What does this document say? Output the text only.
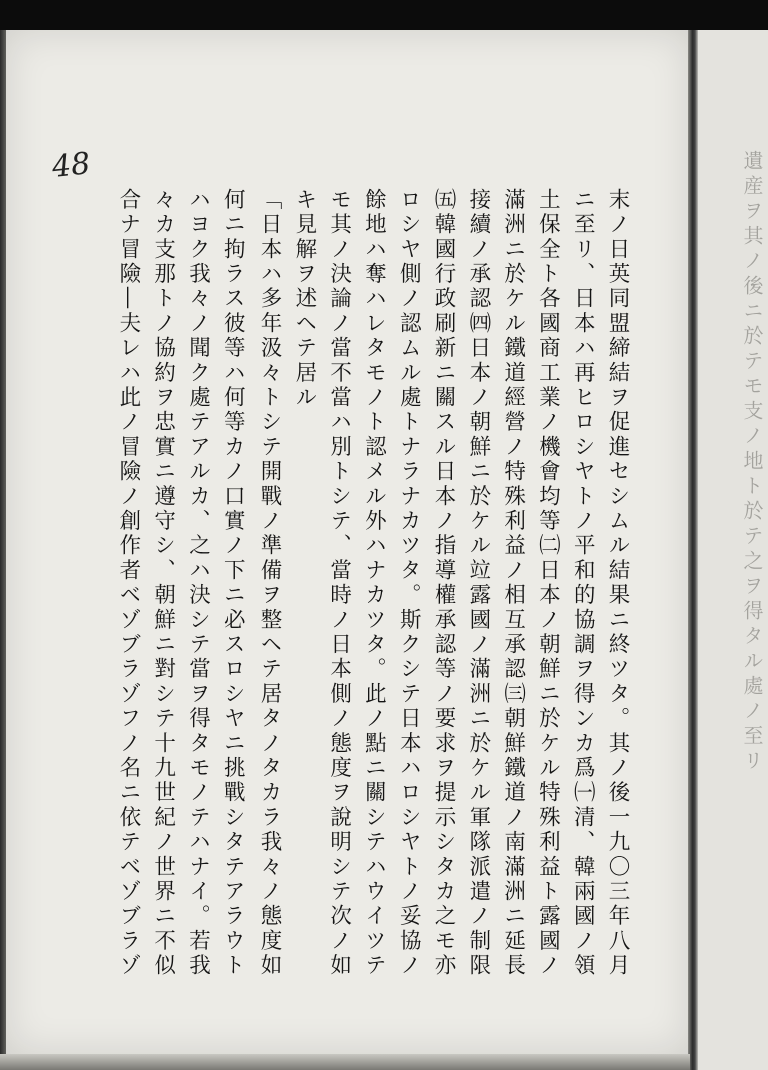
遺産ヲ其ノ後ニ於テモ支ノ地ト於テ之ヲ得タル處ノ至リ
48

末ノ日英同盟締結ヲ促進セシムル結果ニ終ツタ。其ノ後一九〇三年八月

ニ至リ、日本ハ再ヒロシヤトノ平和的協調ヲ得ンカ爲㈠清、韓兩國ノ領

土保全ト各國商工業ノ機會均等㈡日本ノ朝鮮ニ於ケル特殊利益ト露國ノ

滿洲ニ於ケル鐵道經營ノ特殊利益ノ相互承認㈢朝鮮鐵道ノ南滿洲ニ延長

接續ノ承認㈣日本ノ朝鮮ニ於ケル竝露國ノ滿洲ニ於ケル軍隊派遣ノ制限

㈤韓國行政刷新ニ關スル日本ノ指導權承認等ノ要求ヲ提示シタカ之モ亦

ロシヤ側ノ認ムル處トナラナカツタ。斯クシテ日本ハロシヤトノ妥協ノ

餘地ハ奪ハレタモノト認メル外ハナカツタ。此ノ點ニ關シテハウイツテ

モ其ノ決論ノ當不當ハ別トシテ、當時ノ日本側ノ態度ヲ說明シテ次ノ如

キ見解ヲ述ヘテ居ル

「日本ハ多年汲々トシテ開戰ノ準備ヲ整ヘテ居タノタカラ我々ノ態度如

何ニ拘ラス彼等ハ何等カノ口實ノ下ニ必スロシヤニ挑戰シタテアラウト

ハヨク我々ノ聞ク處テアルカ、之ハ決シテ當ヲ得タモノテハナイ。若我

々カ支那トノ協約ヲ忠實ニ遵守シ、朝鮮ニ對シテ十九世紀ノ世界ニ不似

合ナ冒險―夫レハ此ノ冒險ノ創作者ベゾブラゾフノ名ニ依テベゾブラゾ
